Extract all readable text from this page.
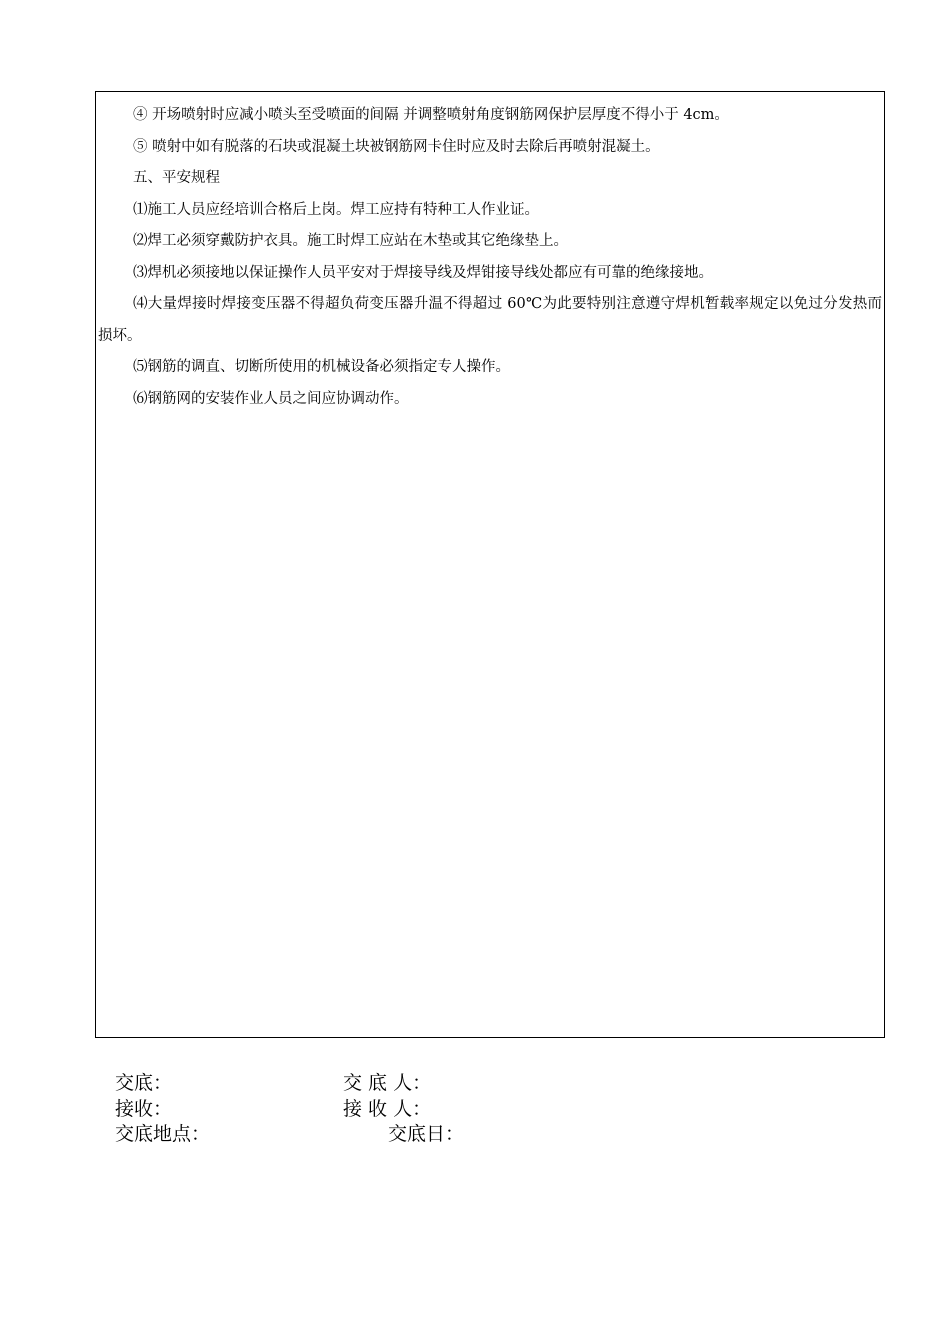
④ 开场喷射时应减小喷头至受喷面的间隔 并调整喷射角度钢筋网保护层厚度不得小于 4cm。

⑤ 喷射中如有脱落的石块或混凝土块被钢筋网卡住时应及时去除后再喷射混凝土。

五、平安规程

⑴施工人员应经培训合格后上岗。焊工应持有特种工人作业证。

⑵焊工必须穿戴防护衣具。施工时焊工应站在木垫或其它绝缘垫上。

⑶焊机必须接地以保证操作人员平安对于焊接导线及焊钳接导线处都应有可靠的绝缘接地。

⑷大量焊接时焊接变压器不得超负荷变压器升温不得超过 60℃为此要特别注意遵守焊机暂载率规定以免过分发热而损坏。

⑸钢筋的调直、切断所使用的机械设备必须指定专人操作。

⑹钢筋网的安装作业人员之间应协调动作。

交底：	交 底 人：
接收：	接 收 人：
交底地点：	交底日：
